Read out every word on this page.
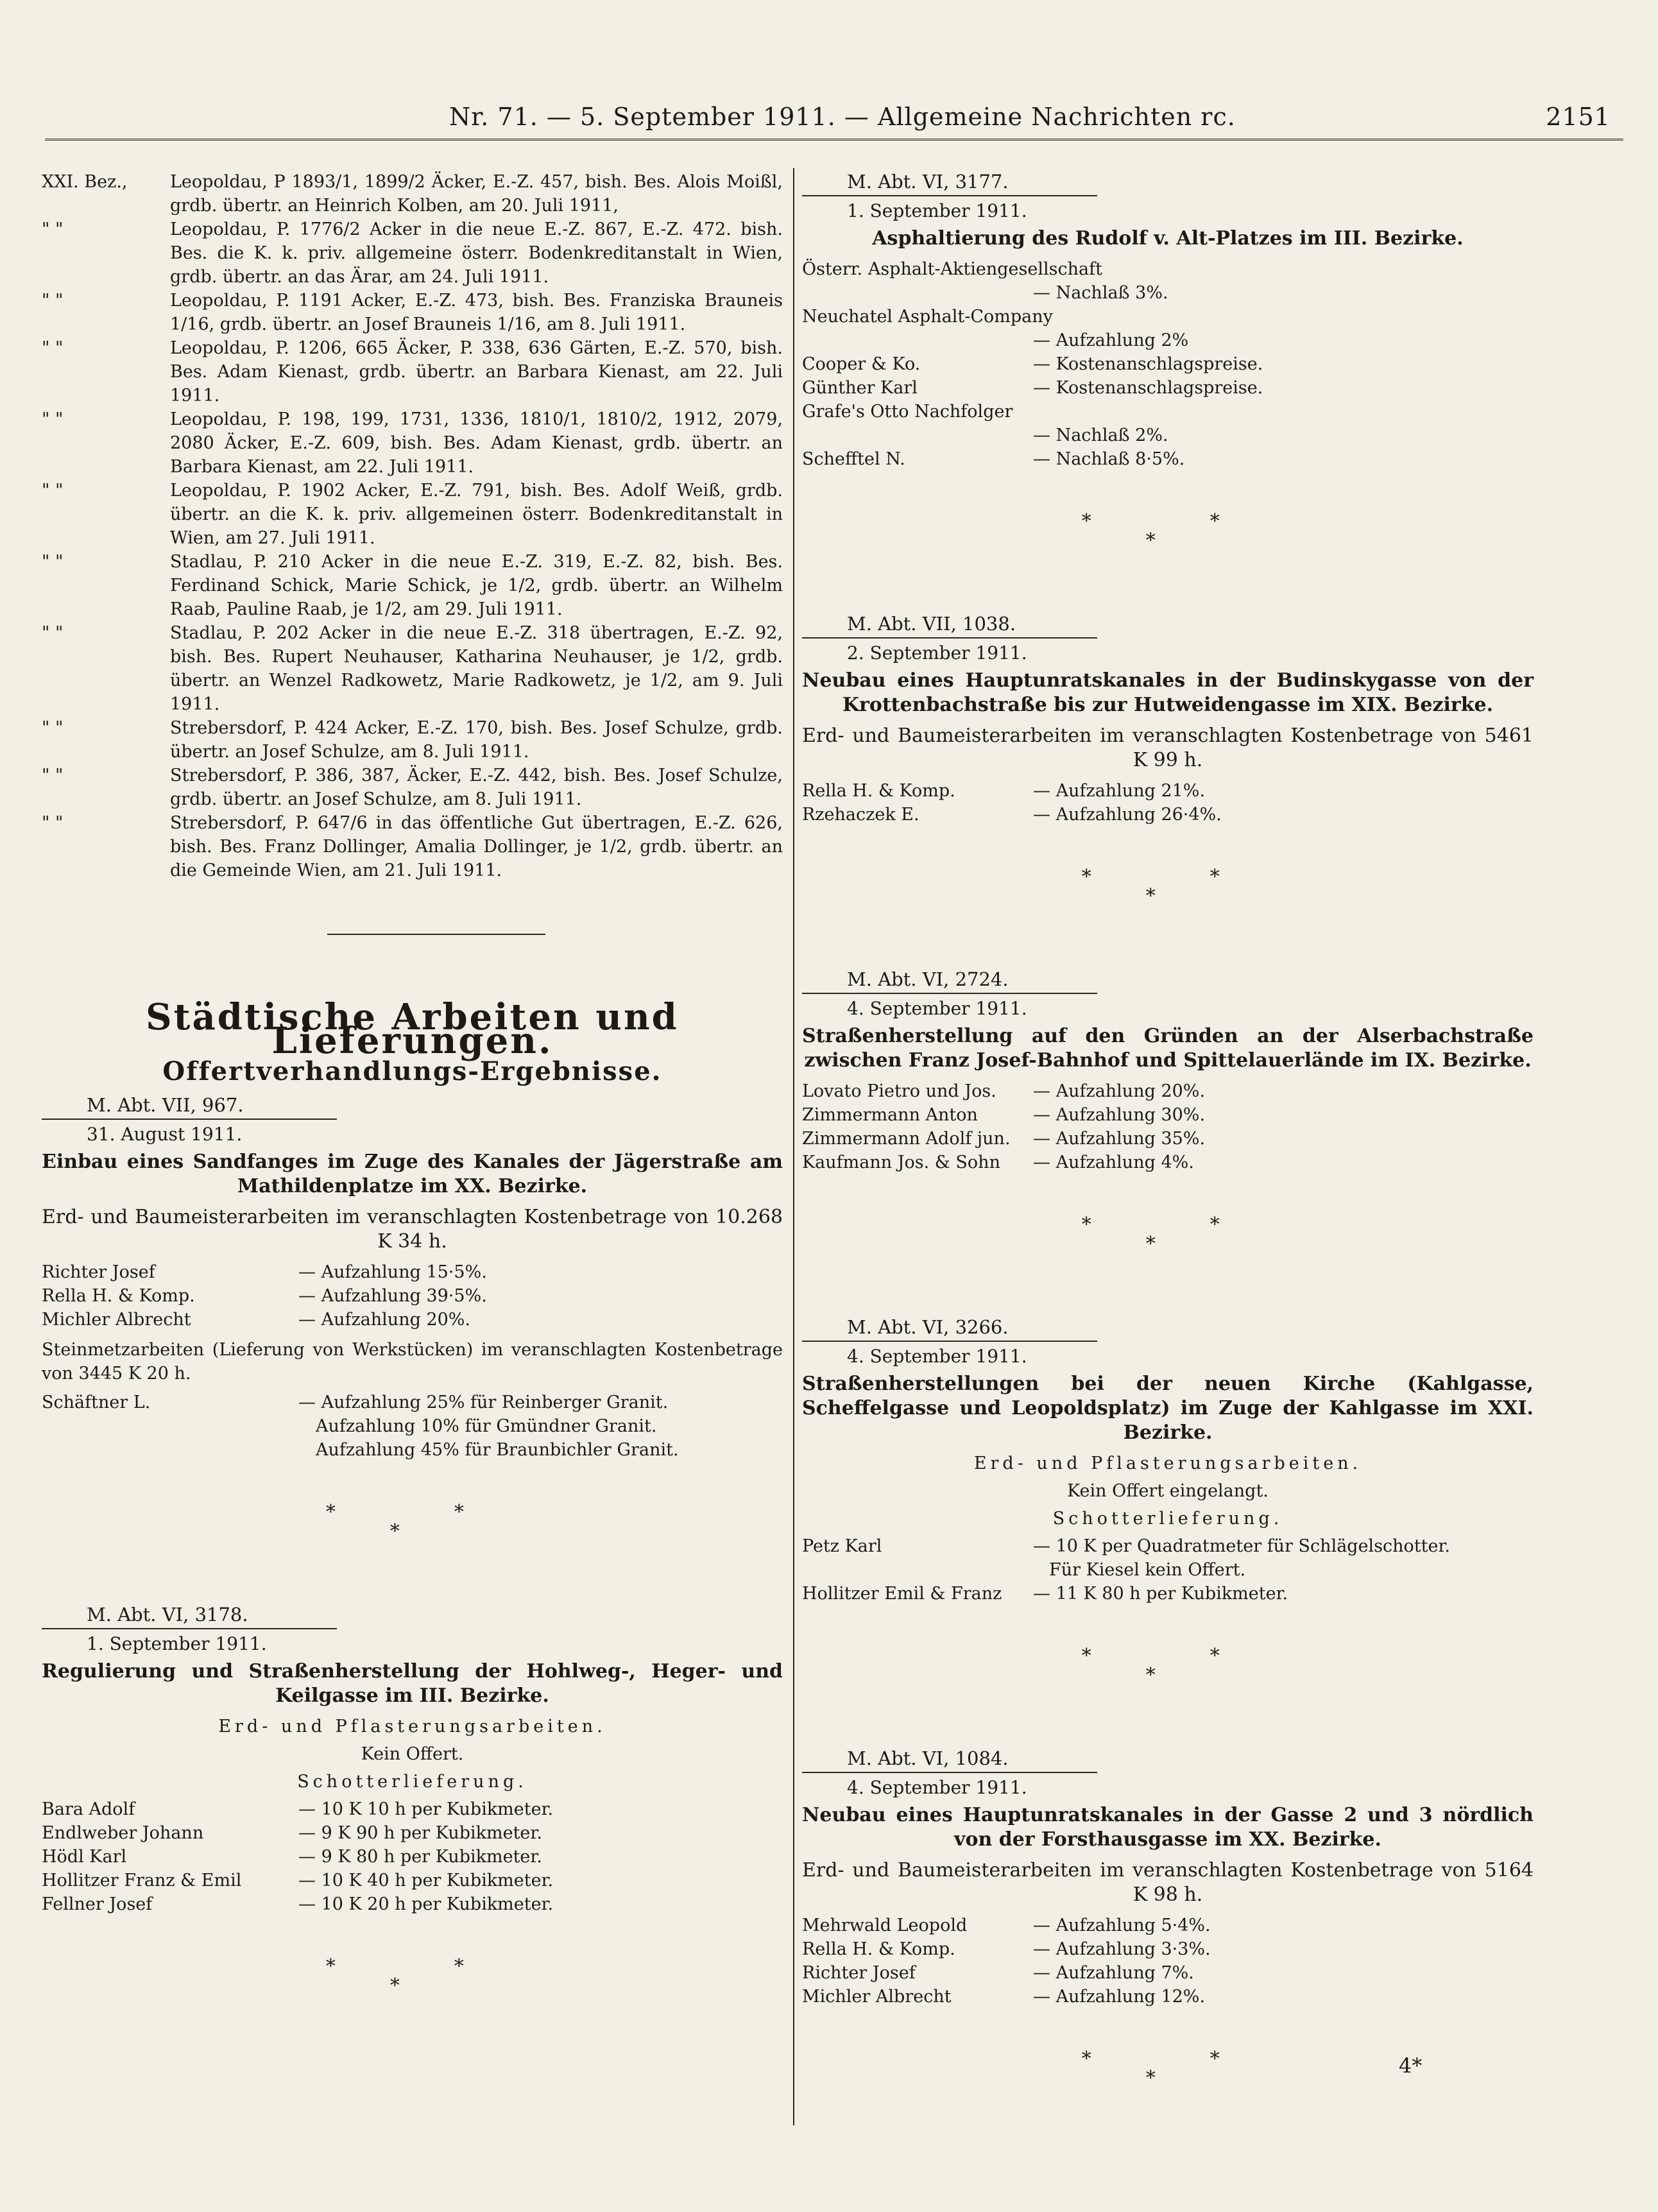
Nr. 71. — 5. September 1911. — Allgemeine Nachrichten rc.	2151
XXI. Bez.,	Leopoldau, P 1893/1, 1899/2 Äcker, E.-Z. 457, bish. Bes. Alois Moißl, grdb. übertr. an Heinrich Kolben, am 20. Juli 1911,
" "	Leopoldau, P. 1776/2 Acker in die neue E.-Z. 867, E.-Z. 472. bish. Bes. die K. k. priv. allgemeine österr. Bodenkreditanstalt in Wien, grdb. übertr. an das Ärar, am 24. Juli 1911.
" "	Leopoldau, P. 1191 Acker, E.-Z. 473, bish. Bes. Franziska Brauneis 1/16, grdb. übertr. an Josef Brauneis 1/16, am 8. Juli 1911.
" "	Leopoldau, P. 1206, 665 Äcker, P. 338, 636 Gärten, E.-Z. 570, bish. Bes. Adam Kienast, grdb. übertr. an Barbara Kienast, am 22. Juli 1911.
" "	Leopoldau, P. 198, 199, 1731, 1336, 1810/1, 1810/2, 1912, 2079, 2080 Äcker, E.-Z. 609, bish. Bes. Adam Kienast, grdb. übertr. an Barbara Kienast, am 22. Juli 1911.
" "	Leopoldau, P. 1902 Acker, E.-Z. 791, bish. Bes. Adolf Weiß, grdb. übertr. an die K. k. priv. allgemeinen österr. Bodenkreditanstalt in Wien, am 27. Juli 1911.
" "	Stadlau, P. 210 Acker in die neue E.-Z. 319, E.-Z. 82, bish. Bes. Ferdinand Schick, Marie Schick, je 1/2, grdb. übertr. an Wilhelm Raab, Pauline Raab, je 1/2, am 29. Juli 1911.
" "	Stadlau, P. 202 Acker in die neue E.-Z. 318 übertragen, E.-Z. 92, bish. Bes. Rupert Neuhauser, Katharina Neuhauser, je 1/2, grdb. übertr. an Wenzel Radkowetz, Marie Radkowetz, je 1/2, am 9. Juli 1911.
" "	Strebersdorf, P. 424 Acker, E.-Z. 170, bish. Bes. Josef Schulze, grdb. übertr. an Josef Schulze, am 8. Juli 1911.
" "	Strebersdorf, P. 386, 387, Äcker, E.-Z. 442, bish. Bes. Josef Schulze, grdb. übertr. an Josef Schulze, am 8. Juli 1911.
" "	Strebersdorf, P. 647/6 in das öffentliche Gut übertragen, E.-Z. 626, bish. Bes. Franz Dollinger, Amalia Dollinger, je 1/2, grdb. übertr. an die Gemeinde Wien, am 21. Juli 1911.
Städtische Arbeiten und Lieferungen.
Offertverhandlungs-Ergebnisse.
M. Abt. VII, 967.
31. August 1911.
Einbau eines Sandfanges im Zuge des Kanales der Jägerstraße am Mathildenplatze im XX. Bezirke.
Erd- und Baumeisterarbeiten im veranschlagten Kostenbetrage von 10.268 K 34 h.
Richter Josef	— Aufzahlung 15·5%.
Rella H. & Komp.	— Aufzahlung 39·5%.
Michler Albrecht	— Aufzahlung 20%.
Steinmetzarbeiten (Lieferung von Werkstücken) im veranschlagten Kostenbetrage von 3445 K 20 h.
Schäftner L.	— Aufzahlung 25% für Reinberger Granit.
Aufzahlung 10% für Gmündner Granit.
Aufzahlung 45% für Braunbichler Granit.
*
*
*
M. Abt. VI, 3178.
1. September 1911.
Regulierung und Straßenherstellung der Hohlweg-, Heger- und Keilgasse im III. Bezirke.
Erd- und Pflasterungsarbeiten.
Kein Offert.
Schotterlieferung.
Bara Adolf	— 10 K 10 h per Kubikmeter.
Endlweber Johann	— 9 K 90 h per Kubikmeter.
Hödl Karl	— 9 K 80 h per Kubikmeter.
Hollitzer Franz & Emil	— 10 K 40 h per Kubikmeter.
Fellner Josef	— 10 K 20 h per Kubikmeter.
*
*
*
M. Abt. VI, 3177.
1. September 1911.
Asphaltierung des Rudolf v. Alt-Platzes im III. Bezirke.
Österr. Asphalt-Aktiengesellschaft
— Nachlaß 3%.
Neuchatel Asphalt-Company
— Aufzahlung 2%
Cooper & Ko.	— Kostenanschlagspreise.
Günther Karl	— Kostenanschlagspreise.
Grafe's Otto Nachfolger
— Nachlaß 2%.
Schefftel N.	— Nachlaß 8·5%.
*
*
*
M. Abt. VII, 1038.
2. September 1911.
Neubau eines Hauptunratskanales in der Budinskygasse von der Krottenbachstraße bis zur Hutweidengasse im XIX. Bezirke.
Erd- und Baumeisterarbeiten im veranschlagten Kostenbetrage von 5461 K 99 h.
Rella H. & Komp.	— Aufzahlung 21%.
Rzehaczek E.	— Aufzahlung 26·4%.
*
*
*
M. Abt. VI, 2724.
4. September 1911.
Straßenherstellung auf den Gründen an der Alserbachstraße zwischen Franz Josef-Bahnhof und Spittelauerlände im IX. Bezirke.
Lovato Pietro und Jos. — Aufzahlung 20%.
Zimmermann Anton	— Aufzahlung 30%.
Zimmermann Adolf jun. — Aufzahlung 35%.
Kaufmann Jos. & Sohn — Aufzahlung 4%.
*
*
*
M. Abt. VI, 3266.
4. September 1911.
Straßenherstellungen bei der neuen Kirche (Kahlgasse, Scheffelgasse und Leopoldsplatz) im Zuge der Kahlgasse im XXI. Bezirke.
Erd- und Pflasterungsarbeiten.
Kein Offert eingelangt.
Schotterlieferung.
Petz Karl	— 10 K per Quadratmeter für Schlägelschotter.
Für Kiesel kein Offert.
Hollitzer Emil & Franz — 11 K 80 h per Kubikmeter.
*
*
*
M. Abt. VI, 1084.
4. September 1911.
Neubau eines Hauptunratskanales in der Gasse 2 und 3 nördlich von der Forsthausgasse im XX. Bezirke.
Erd- und Baumeisterarbeiten im veranschlagten Kostenbetrage von 5164 K 98 h.
Mehrwald Leopold	— Aufzahlung 5·4%.
Rella H. & Komp.	— Aufzahlung 3·3%.
Richter Josef	— Aufzahlung 7%.
Michler Albrecht	— Aufzahlung 12%.
*
*
*	4*
